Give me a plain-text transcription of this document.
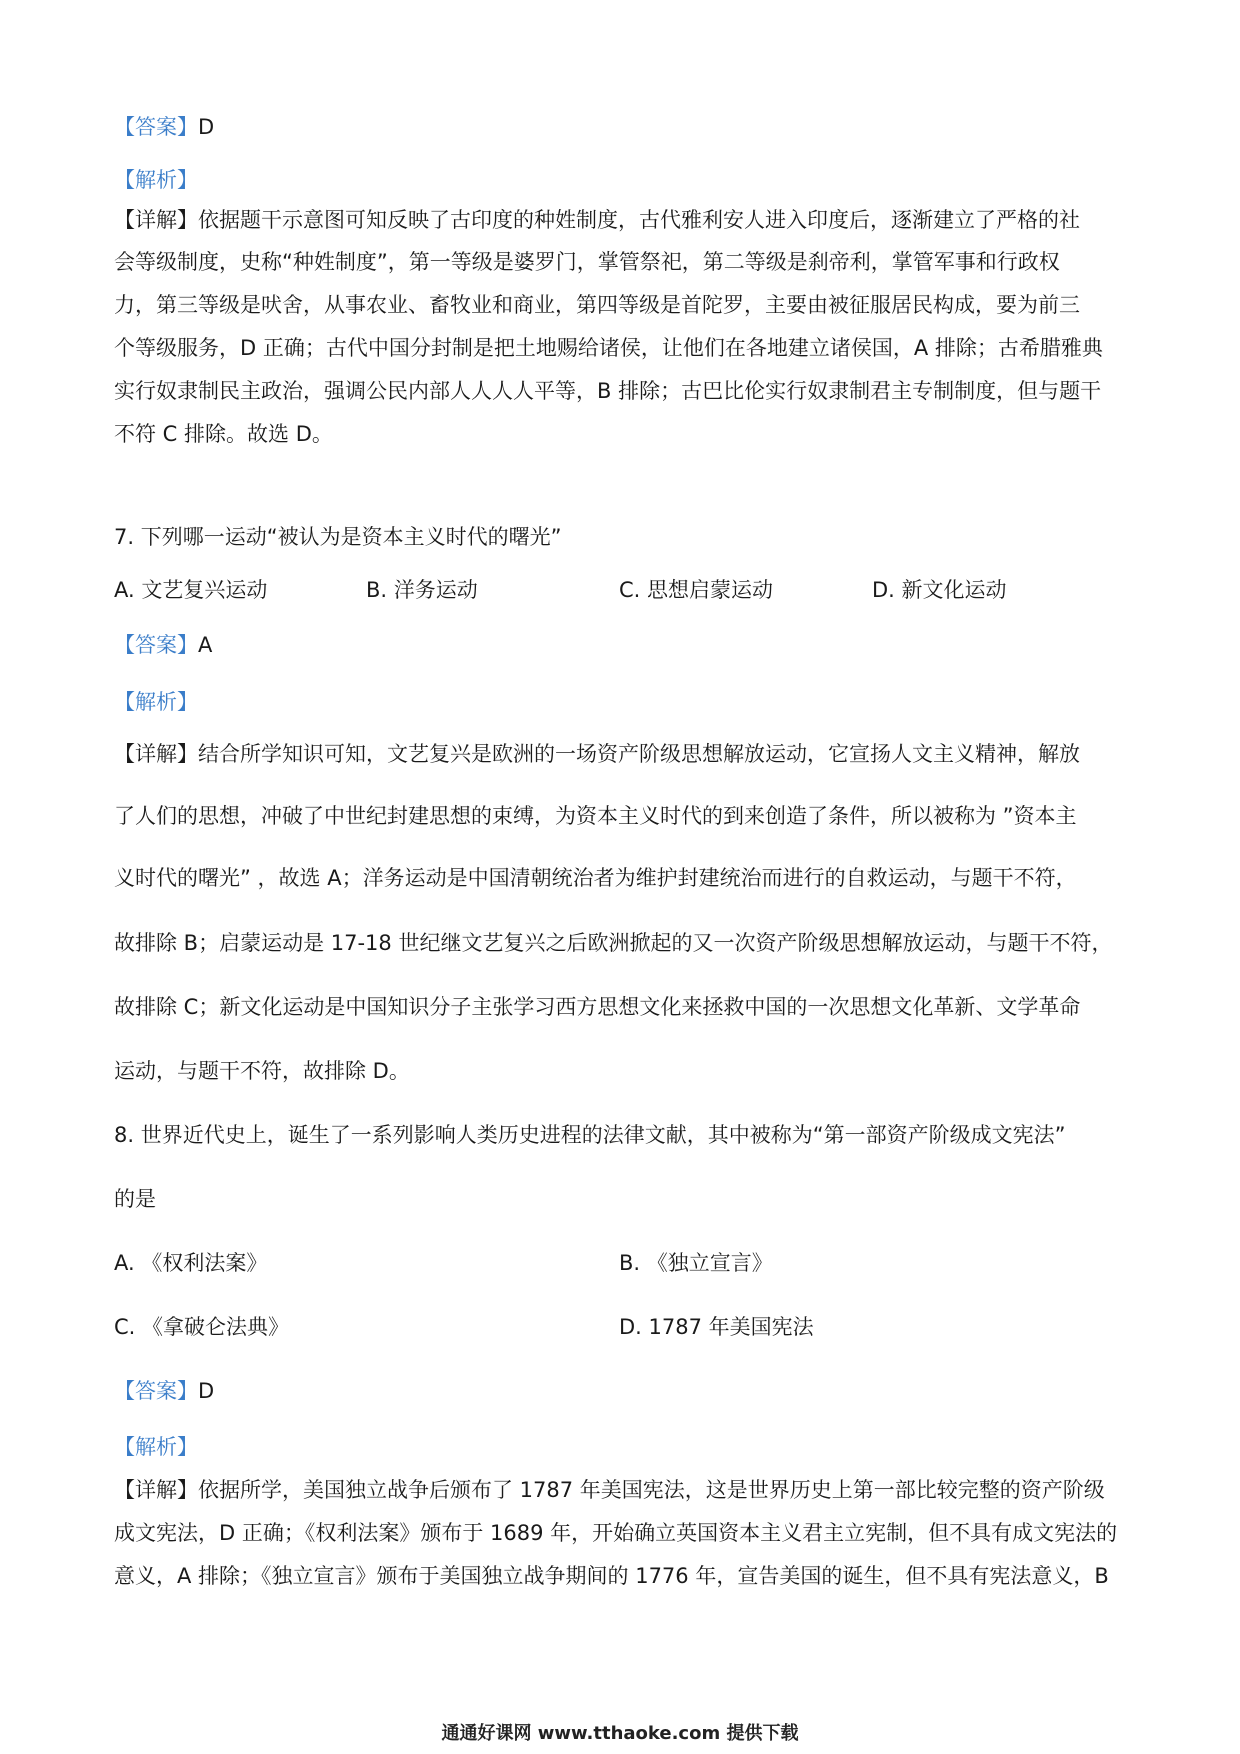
【答案】D
【解析】
【详解】 依据题干示意图可知反映了古印度的种姓制度，古代雅利安人进入印度后，逐渐建立了严格的社
会等级制度，史称“种姓制度”，第一等级是婆罗门，掌管祭祀，第二等级是刹帝利，掌管军事和行政权
力，第三等级是吠舍，从事农业、畜牧业和商业，第四等级是首陀罗，主要由被征服居民构成，要为前三
个等级服务，D 正确；古代中国分封制是把土地赐给诸侯，让他们在各地建立诸侯国，A 排除；古希腊雅典
实行奴隶制民主政治，强调公民内部人人人人平等，B 排除；古巴比伦实行奴隶制君主专制制度，但与题干
不符 C 排除。故选 D。
7. 下列哪一运动“被认为是资本主义时代的曙光”
A. 文艺复兴运动	B. 洋务运动	C. 思想启蒙运动	D. 新文化运动
【答案】A
【解析】
【详解】结合所学知识可知，文艺复兴是欧洲的一场资产阶级思想解放运动，它宣扬人文主义精神，解放
了人们的思想，冲破了中世纪封建思想的束缚，为资本主义时代的到来创造了条件，所以被称为 ”资本主
义时代的曙光” ，故选 A；洋务运动是中国清朝统治者为维护封建统治而进行的自救运动，与题干不符，
故排除 B；启蒙运动是 17-18 世纪继文艺复兴之后欧洲掀起的又一次资产阶级思想解放运动，与题干不符，
故排除 C；新文化运动是中国知识分子主张学习西方思想文化来拯救中国的一次思想文化革新、文学革命
运动，与题干不符，故排除 D。
8. 世界近代史上，诞生了一系列影响人类历史进程的法律文献，其中被称为“第一部资产阶级成文宪法”
的是
A. 《权利法案》	B. 《独立宣言》
C. 《拿破仑法典》	D. 1787 年美国宪法
【答案】D
【解析】
【详解】依据所学，美国独立战争后颁布了 1787 年美国宪法，这是世界历史上第一部比较完整的资产阶级
成文宪法，D 正确；《权利法案》颁布于 1689 年，开始确立英国资本主义君主立宪制，但不具有成文宪法的
意义，A 排除；《独立宣言》颁布于美国独立战争期间的 1776 年，宣告美国的诞生，但不具有宪法意义，B
通通好课网 www.tthaoke.com 提供下载
